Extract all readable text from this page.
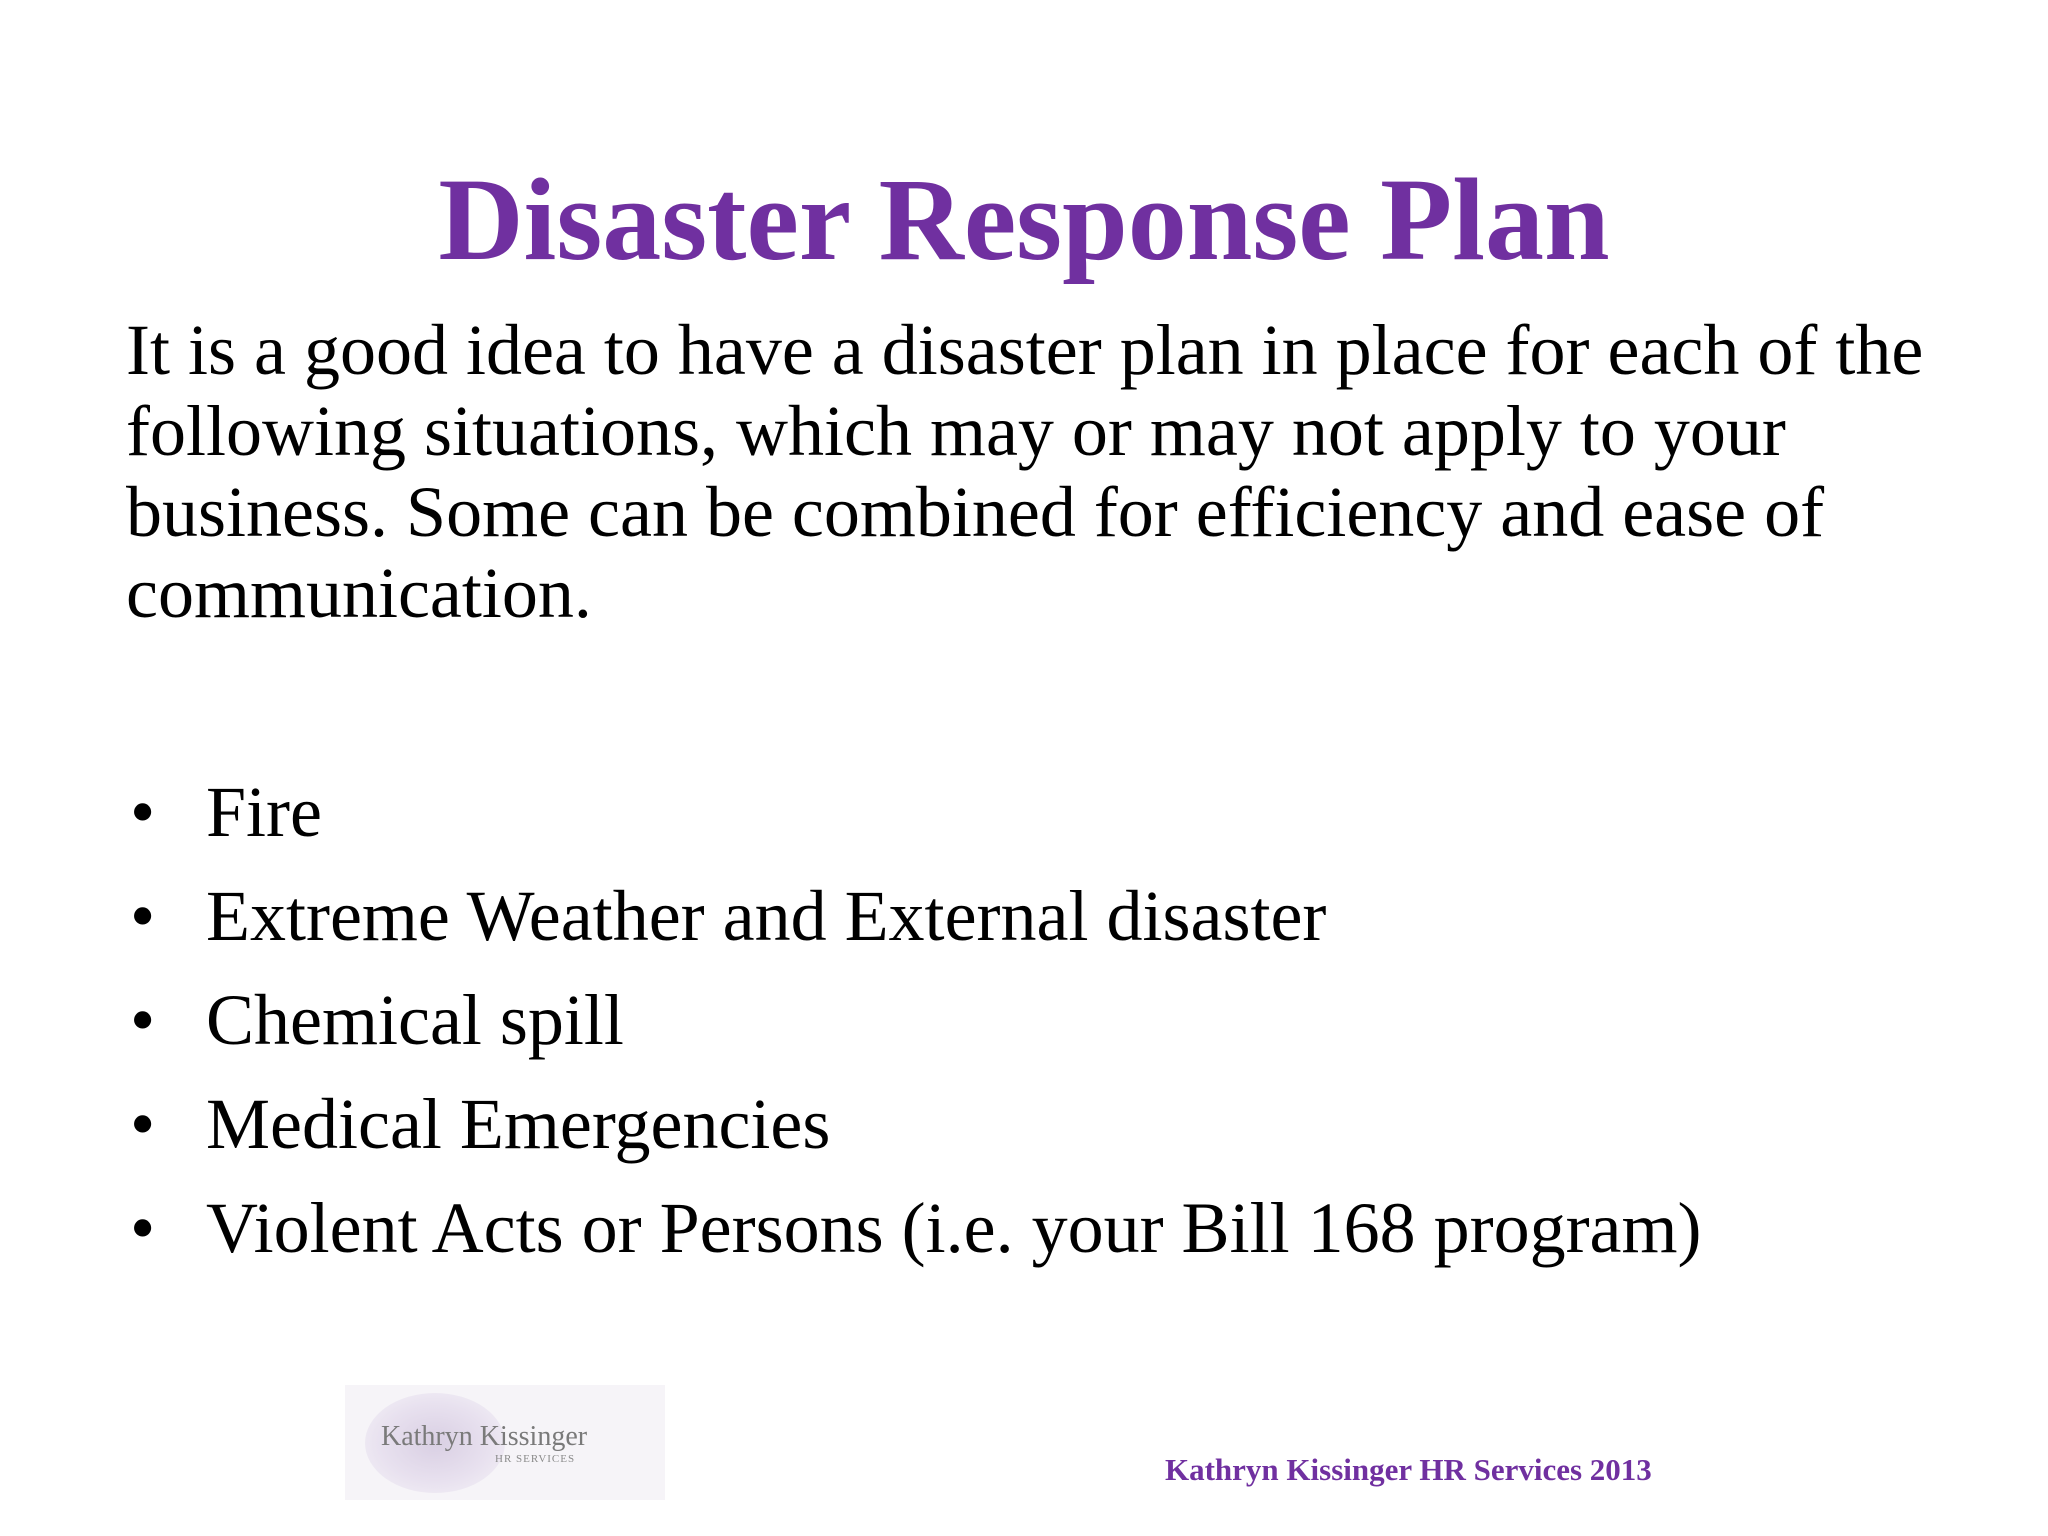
Disaster Response Plan

It is a good idea to have a disaster plan in place for each of the following situations, which may or may not apply to your business. Some can be combined for efficiency and ease of communication.

• Fire
• Extreme Weather and External disaster
• Chemical spill
• Medical Emergencies
• Violent Acts or Persons (i.e. your Bill 168 program)
Kathryn Kissinger
HR SERVICES	Kathryn Kissinger HR Services 2013
